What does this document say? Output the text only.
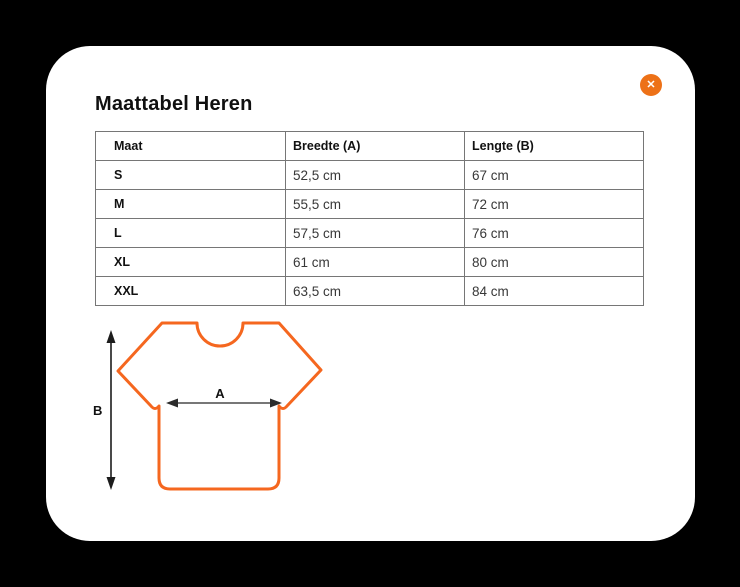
✕
Maattabel Heren
Maat	Breedte (A)	Lengte (B)
S	52,5 cm	67 cm
M	55,5 cm	72 cm
L	57,5 cm	76 cm
XL	61 cm	80 cm
XXL	63,5 cm	84 cm
A
B
